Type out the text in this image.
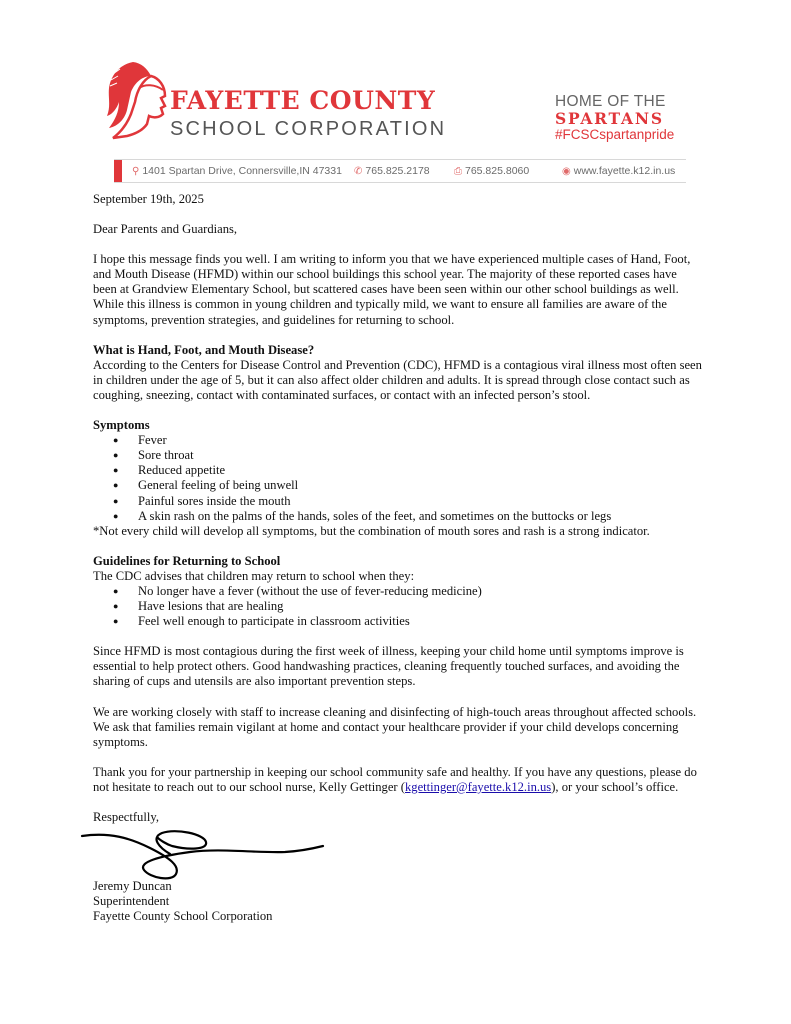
FAYETTE COUNTY
SCHOOL CORPORATION
HOME OF THE
SPARTANS
#FCSCspartanpride
⚲ 1401 Spartan Drive, Connersville,IN 47331 ✆ 765.825.2178 ⎙ 765.825.8060	◉ www.fayette.k12.in.us

September 19th, 2025

Dear Parents and Guardians,

I hope this message finds you well. I am writing to inform you that we have experienced multiple cases of Hand, Foot, and Mouth Disease (HFMD) within our school buildings this school year. The majority of these reported cases have been at Grandview Elementary School, but scattered cases have been seen within our other school buildings as well. While this illness is common in young children and typically mild, we want to ensure all families are aware of the symptoms, prevention strategies, and guidelines for returning to school.

What is Hand, Foot, and Mouth Disease?

According to the Centers for Disease Control and Prevention (CDC), HFMD is a contagious viral illness most often seen in children under the age of 5, but it can also affect older children and adults. It is spread through close contact such as coughing, sneezing, contact with contaminated surfaces, or contact with an infected person’s stool.

Symptoms

● Fever
● Sore throat
● Reduced appetite
● General feeling of being unwell
● Painful sores inside the mouth
● A skin rash on the palms of the hands, soles of the feet, and sometimes on the buttocks or legs

*Not every child will develop all symptoms, but the combination of mouth sores and rash is a strong indicator.

Guidelines for Returning to School

The CDC advises that children may return to school when they:

● No longer have a fever (without the use of fever-reducing medicine)
● Have lesions that are healing
● Feel well enough to participate in classroom activities

Since HFMD is most contagious during the first week of illness, keeping your child home until symptoms improve is essential to help protect others. Good handwashing practices, cleaning frequently touched surfaces, and avoiding the sharing of cups and utensils are also important prevention steps.

We are working closely with staff to increase cleaning and disinfecting of high-touch areas throughout affected schools. We ask that families remain vigilant at home and contact your healthcare provider if your child develops concerning symptoms.

Thank you for your partnership in keeping our school community safe and healthy. If you have any questions, please do not hesitate to reach out to our school nurse, Kelly Gettinger (kgettinger@fayette.k12.in.us), or your school’s office.

Respectfully,

Jeremy Duncan
Superintendent
Fayette County School Corporation
